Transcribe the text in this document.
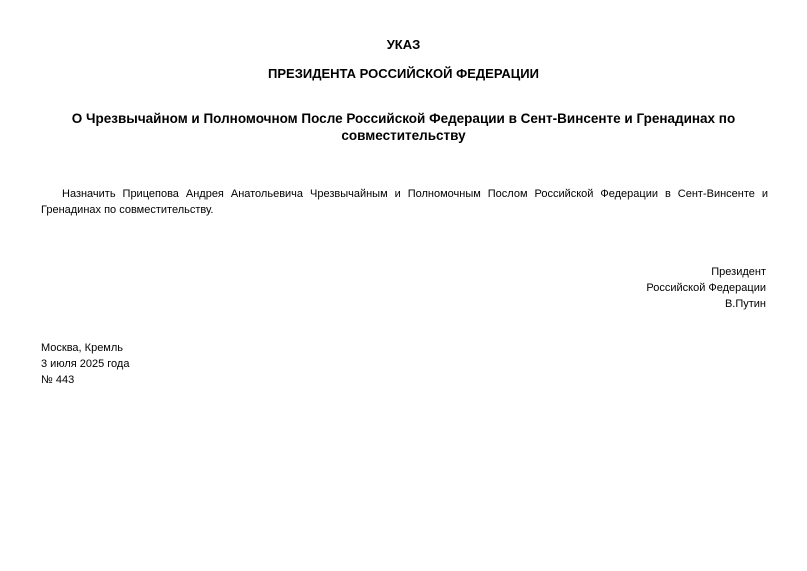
УКАЗ
ПРЕЗИДЕНТА РОССИЙСКОЙ ФЕДЕРАЦИИ
О Чрезвычайном и Полномочном После Российской Федерации в Сент-Винсенте и Гренадинах по совместительству

Назначить Прицепова Андрея Анатольевича Чрезвычайным и Полномочным Послом Российской Федерации в Сент-Винсенте и Гренадинах по совместительству.

Президент
Российской Федерации
В.Путин
Москва, Кремль
3 июля 2025 года
№ 443
